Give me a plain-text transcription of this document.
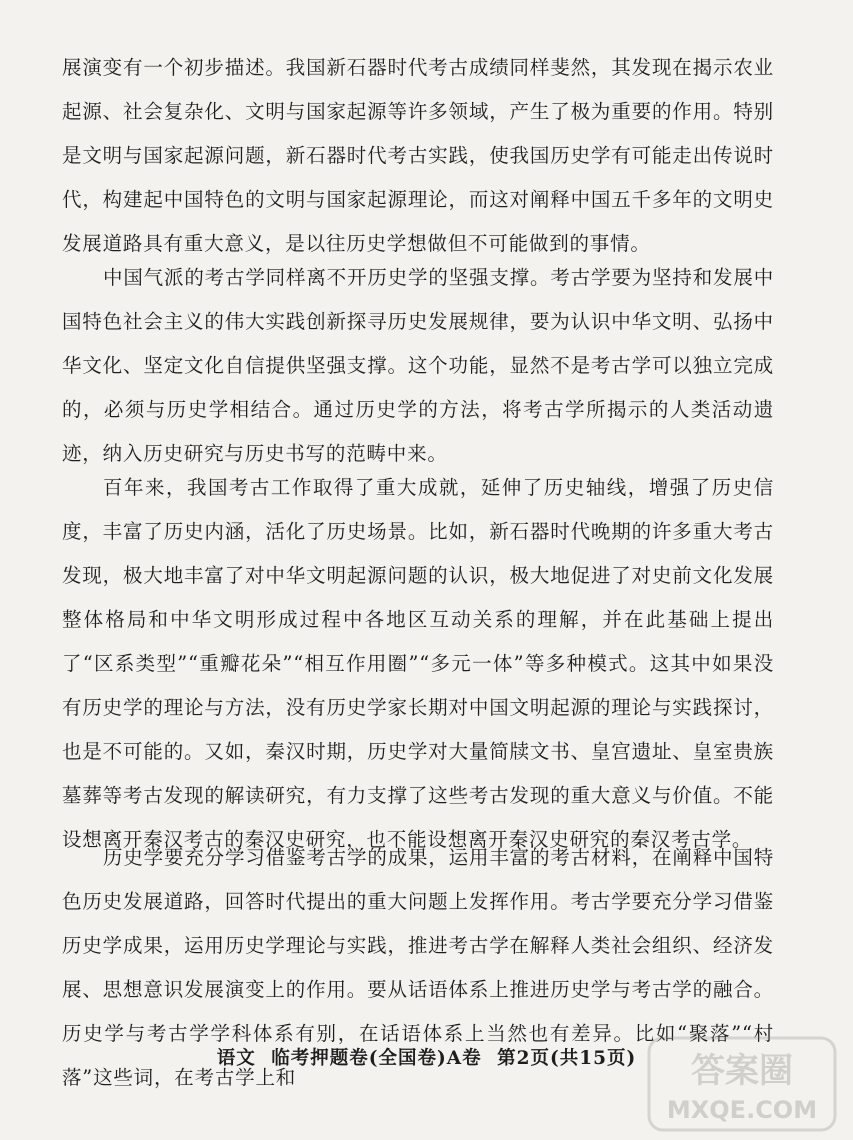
展演变有一个初步描述。我国新石器时代考古成绩同样斐然，其发现在揭示农业起源、社会复杂化、文明与国家起源等许多领域，产生了极为重要的作用。特别是文明与国家起源问题，新石器时代考古实践，使我国历史学有可能走出传说时代，构建起中国特色的文明与国家起源理论，而这对阐释中国五千多年的文明史发展道路具有重大意义，是以往历史学想做但不可能做到的事情。

中国气派的考古学同样离不开历史学的坚强支撑。考古学要为坚持和发展中国特色社会主义的伟大实践创新探寻历史发展规律，要为认识中华文明、弘扬中华文化、坚定文化自信提供坚强支撑。这个功能，显然不是考古学可以独立完成的，必须与历史学相结合。通过历史学的方法，将考古学所揭示的人类活动遗迹，纳入历史研究与历史书写的范畴中来。

百年来，我国考古工作取得了重大成就，延伸了历史轴线，增强了历史信度，丰富了历史内涵，活化了历史场景。比如，新石器时代晚期的许多重大考古发现，极大地丰富了对中华文明起源问题的认识，极大地促进了对史前文化发展整体格局和中华文明形成过程中各地区互动关系的理解，并在此基础上提出了“区系类型”“重瓣花朵”“相互作用圈”“多元一体”等多种模式。这其中如果没有历史学的理论与方法，没有历史学家长期对中国文明起源的理论与实践探讨，也是不可能的。又如，秦汉时期，历史学对大量简牍文书、皇宫遗址、皇室贵族墓葬等考古发现的解读研究，有力支撑了这些考古发现的重大意义与价值。不能设想离开秦汉考古的秦汉史研究，也不能设想离开秦汉史研究的秦汉考古学。

历史学要充分学习借鉴考古学的成果，运用丰富的考古材料，在阐释中国特色历史发展道路，回答时代提出的重大问题上发挥作用。考古学要充分学习借鉴历史学成果，运用历史学理论与实践，推进考古学在解释人类社会组织、经济发展、思想意识发展演变上的作用。要从话语体系上推进历史学与考古学的融合。历史学与考古学学科体系有别，在话语体系上当然也有差异。比如“聚落”“村落”这些词，在考古学上和

语文 临考押题卷(全国卷)A卷 第2页(共15页)	答案圈
MXQE.COM
